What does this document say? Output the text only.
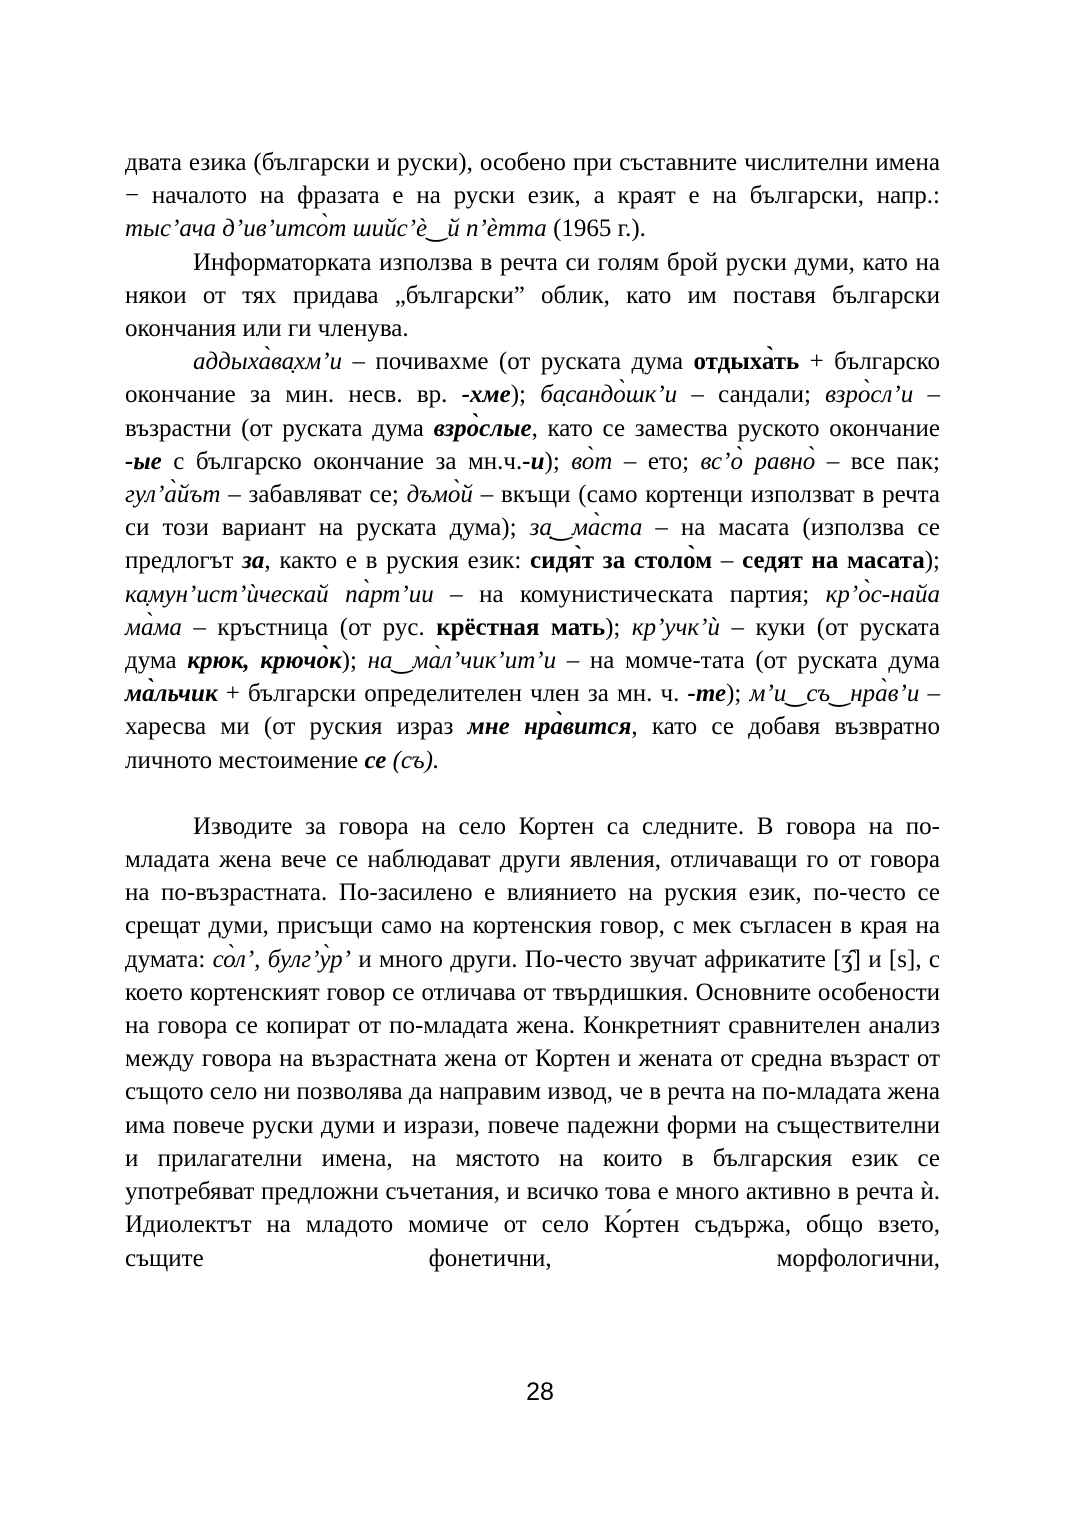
двата езика (български и руски), особено при съставните числителни имена − началото на фразата е на руски език, а краят е на български, напр.: тыс’ача д’ив’итсо̀т шийс’ѐ‿й п’ѐтта (1965 г.).

Информаторката използва в речта си голям брой руски думи, като на някои от тях придава „български” облик, като им поставя български окончания или ги членува.

аддыха̀ва̣хм’и – почивахме (от руската дума отдыха̀ть + българско окончание за мин. несв. вр. -хме); ба̣сандо̀шк’и – сандали; взро̀сл’и – възрастни (от руската дума взро̀слые, като се замества руското окончание -ые с българско окончание за мн.ч.-и); во̀т – ето; вс’о̀ равно̀ – все пак; гул’а̀йът – забавляват се; дъмо̀й – вкъщи (само кортенци използват в речта си този вариант на руската дума); за̣‿ма̀ста – на масата (използва се предлогът за, както е в руския език: сидя̀т за столо̀м – седят на масата); ка̣мун’ист’ѝческай па̀рт’ии – на комунистическата партия; кр’о̀с-найа ма̀ма – кръстница (от рус. крёстная мать); кр’учк’ѝ – куки (от руската дума крюк, крючо̀к); на‿ма̀л’чик’ит’и – на момче-тата (от руската дума ма̀льчик + български определителен член за мн. ч. -те); м’и‿съ‿нра̀в’и – харесва ми (от руския израз мне нра̀вится, като се добавя възвратно личното местоимение се (съ).

Изводите за говора на село Кортен са следните. В говора на по-младата жена вече се наблюдават други явления, отличаващи го от говора на по-възрастната. По-засилено е влиянието на руския език, по-често се срещат думи, присъщи само на кортенския говор, с мек съгласен в края на думата: со̀л’, булг’у̀р’ и много други. По-често звучат африкатите [ʒ̑] и [s], с което кортенският говор се отличава от твърдишкия. Основните особености на говора се копират от по-младата жена. Конкретният сравнителен анализ между говора на възрастната жена от Кортен и жената от средна възраст от същото село ни позволява да направим извод, че в речта на по-младата жена има повече руски думи и изрази, повече падежни форми на съществителни и прилагателни имена, на мястото на които в българския език се употребяват предложни съчетания, и всичко това е много активно в речта ѝ. Идиолектът на младото момиче от село Ко́ртен съдържа, общо взето, същите фонетични, морфологични,

28
